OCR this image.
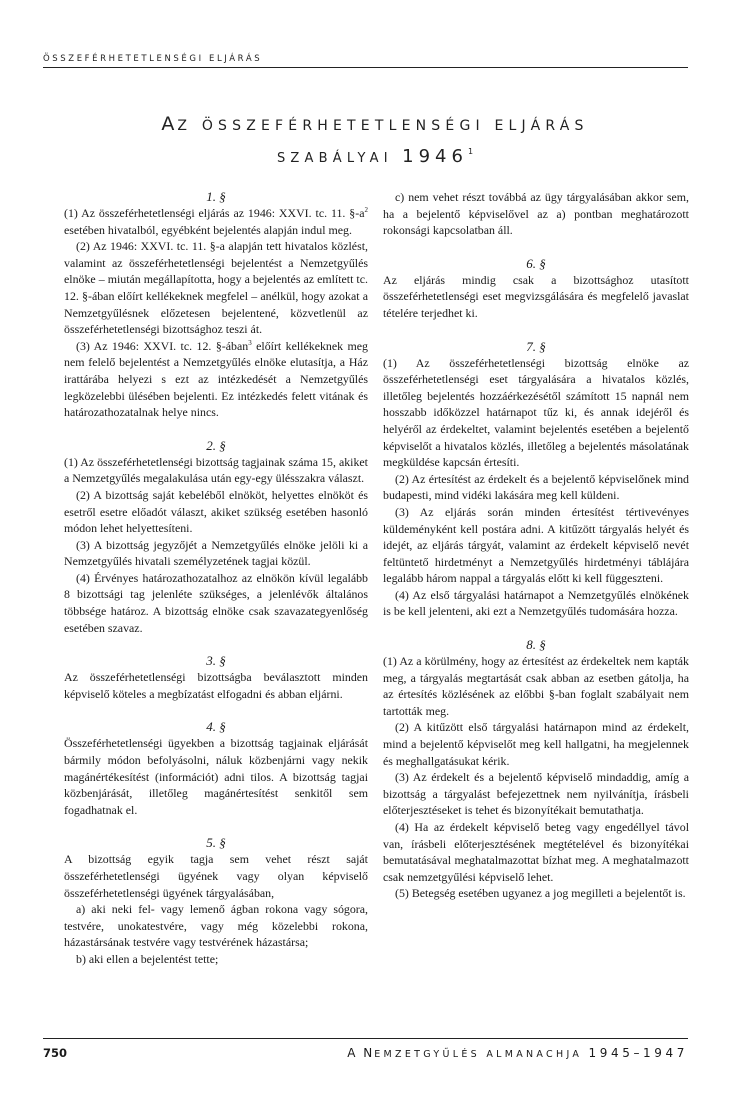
ÖSSZEFÉRHETETLENSÉGI ELJÁRÁS
AZ ÖSSZEFÉRHETETLENSÉGI ELJÁRÁS
SZABÁLYAI 1946$^1$

1. §

(1) Az összeférhetetlenségi eljárás az 1946: XXVI. tc. 11. §-a$^2$ esetében hivatalból, egyébként bejelentés alapján indul meg.

(2) Az 1946: XXVI. tc. 11. §-a alapján tett hivatalos közlést, valamint az összeférhetetlenségi bejelentést a Nemzetgyűlés elnöke – miután megállapította, hogy a bejelentés az említett tc. 12. §-ában előírt kellékeknek megfelel – anélkül, hogy azokat a Nemzetgyűlésnek előzetesen bejelentené, közvetlenül az összeférhetetlenségi bizottsághoz teszi át.

(3) Az 1946: XXVI. tc. 12. §-ában$^3$ előírt kellékeknek meg nem felelő bejelentést a Nemzetgyűlés elnöke elutasítja, a Ház irattárába helyezi s ezt az intézkedését a Nemzetgyűlés legközelebbi ülésében bejelenti. Ez intézkedés felett vitának és határozathozatalnak helye nincs.

2. §

(1) Az összeférhetetlenségi bizottság tagjainak száma 15, akiket a Nemzetgyűlés megalakulása után egy-egy ülésszakra választ.

(2) A bizottság saját kebeléből elnököt, helyettes elnököt és esetről esetre előadót választ, akiket szükség esetében hasonló módon lehet helyettesíteni.

(3) A bizottság jegyzőjét a Nemzetgyűlés elnöke jelöli ki a Nemzetgyűlés hivatali személyzetének tagjai közül.

(4) Érvényes határozathozatalhoz az elnökön kívül legalább 8 bizottsági tag jelenléte szükséges, a jelenlévők általános többsége határoz. A bizottság elnöke csak szavazategyenlőség esetében szavaz.

3. §

Az összeférhetetlenségi bizottságba beválasztott minden képviselő köteles a megbízatást elfogadni és abban eljárni.

4. §

Összeférhetetlenségi ügyekben a bizottság tagjainak eljárását bármily módon befolyásolni, náluk közbenjárni vagy nekik magánértékesítést (információt) adni tilos. A bizottság tagjai közbenjárását, illetőleg magánértesítést senkitől sem fogadhatnak el.

5. §

A bizottság egyik tagja sem vehet részt saját összeférhetetlenségi ügyének vagy olyan képviselő összeférhetetlenségi ügyének tárgyalásában,

a) aki neki fel- vagy lemenő ágban rokona vagy sógora, testvére, unokatestvére, vagy még közelebbi rokona, házastársának testvére vagy testvérének házastársa;

b) aki ellen a bejelentést tette;

c) nem vehet részt továbbá az ügy tárgyalásában akkor sem, ha a bejelentő képviselővel az a) pontban meghatározott rokonsági kapcsolatban áll.

6. §

Az eljárás mindig csak a bizottsághoz utasított összeférhetetlenségi eset megvizsgálására és megfelelő javaslat tételére terjedhet ki.

7. §

(1) Az összeférhetetlenségi bizottság elnöke az összeférhetetlenségi eset tárgyalására a hivatalos közlés, illetőleg bejelentés hozzáérkezésétől számított 15 napnál nem hosszabb időközzel határnapot tűz ki, és annak idejéről és helyéről az érdekeltet, valamint bejelentés esetében a bejelentő képviselőt a hivatalos közlés, illetőleg a bejelentés másolatának megküldése kapcsán értesíti.

(2) Az értesítést az érdekelt és a bejelentő képviselőnek mind budapesti, mind vidéki lakására meg kell küldeni.

(3) Az eljárás során minden értesítést tértivevényes küldeményként kell postára adni. A kitűzött tárgyalás helyét és idejét, az eljárás tárgyát, valamint az érdekelt képviselő nevét feltüntető hirdetményt a Nemzetgyűlés hirdetményi táblájára legalább három nappal a tárgyalás előtt ki kell függeszteni.

(4) Az első tárgyalási határnapot a Nemzetgyűlés elnökének is be kell jelenteni, aki ezt a Nemzetgyűlés tudomására hozza.

8. §

(1) Az a körülmény, hogy az értesítést az érdekeltek nem kapták meg, a tárgyalás megtartását csak abban az esetben gátolja, ha az értesítés közlésének az előbbi §-ban foglalt szabályait nem tartották meg.

(2) A kitűzött első tárgyalási határnapon mind az érdekelt, mind a bejelentő képviselőt meg kell hallgatni, ha megjelennek és meghallgatásukat kérik.

(3) Az érdekelt és a bejelentő képviselő mindaddig, amíg a bizottság a tárgyalást befejezettnek nem nyilvánítja, írásbeli előterjesztéseket is tehet és bizonyítékait bemutathatja.

(4) Ha az érdekelt képviselő beteg vagy engedéllyel távol van, írásbeli előterjesztésének megtételével és bizonyítékai bemutatásával meghatalmazottat bízhat meg. A meghatalmazott csak nemzetgyűlési képviselő lehet.

(5) Betegség esetében ugyanez a jog megilleti a bejelentőt is.

750	A NEMZETGYŰLÉS ALMANACHJA 1945–1947
